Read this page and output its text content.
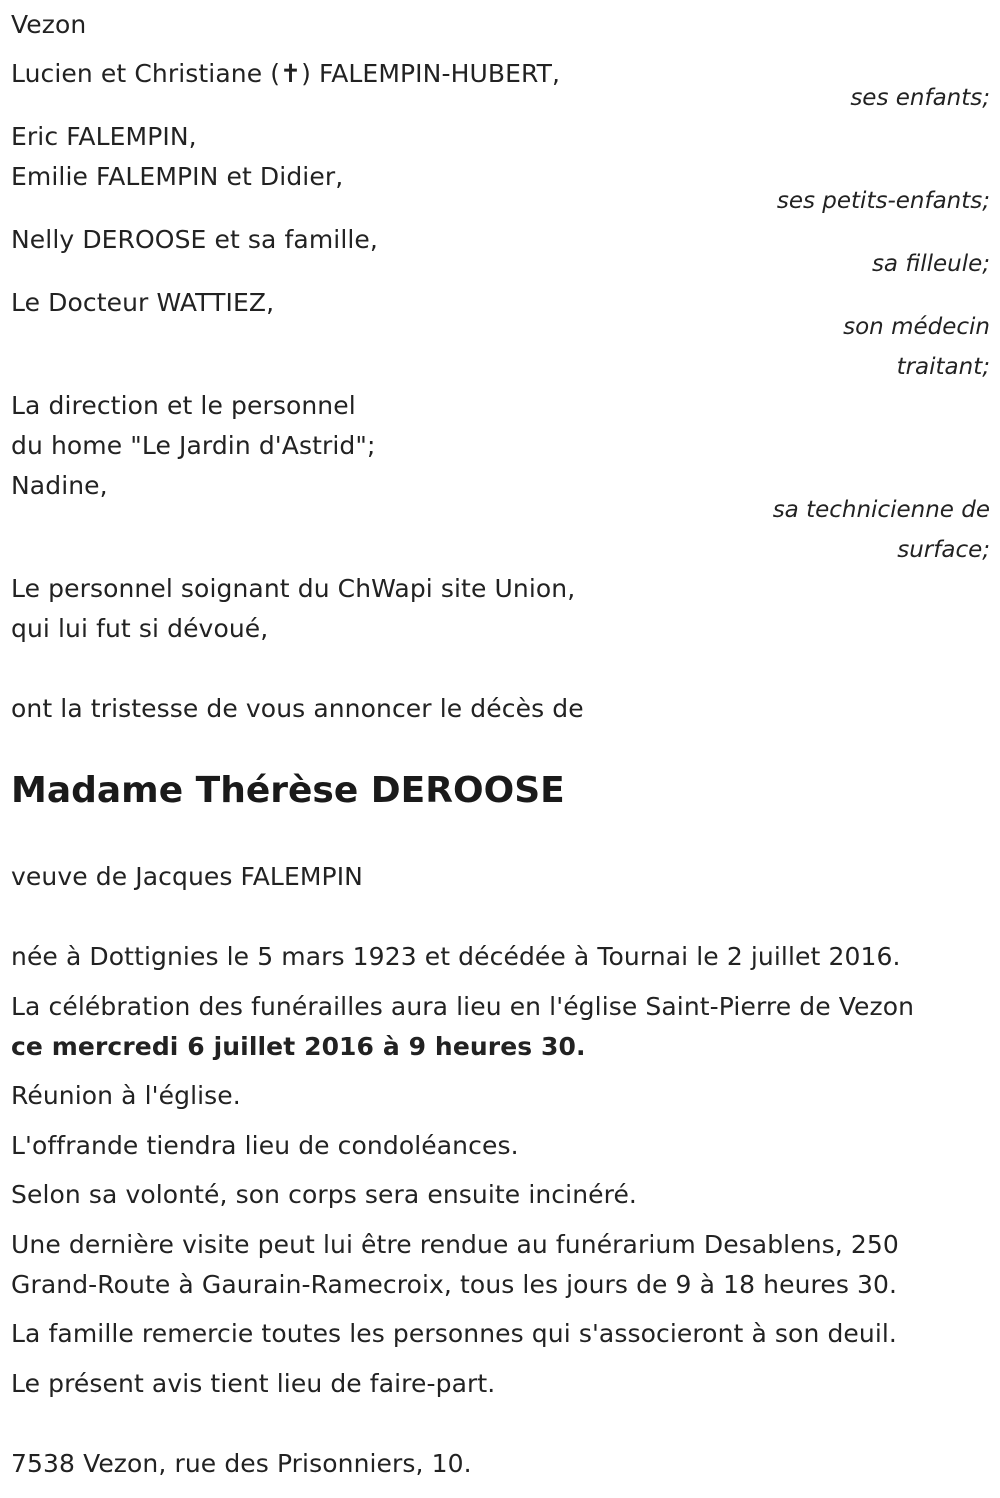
Vezon
Lucien et Christiane (✝) FALEMPIN-HUBERT,
ses enfants;
Eric FALEMPIN,
Emilie FALEMPIN et Didier,
ses petits-enfants;
Nelly DEROOSE et sa famille,
sa filleule;
Le Docteur WATTIEZ,
son médecin
traitant;
La direction et le personnel
du home "Le Jardin d'Astrid";
Nadine,
sa technicienne de
surface;
Le personnel soignant du ChWapi site Union,
qui lui fut si dévoué,
ont la tristesse de vous annoncer le décès de
Madame Thérèse DEROOSE
veuve de Jacques FALEMPIN
née à Dottignies le 5 mars 1923 et décédée à Tournai le 2 juillet 2016.
La célébration des funérailles aura lieu en l'église Saint-Pierre de Vezon
ce mercredi 6 juillet 2016 à 9 heures 30.
Réunion à l'église.
L'offrande tiendra lieu de condoléances.
Selon sa volonté, son corps sera ensuite incinéré.
Une dernière visite peut lui être rendue au funérarium Desablens, 250
Grand-Route à Gaurain-Ramecroix, tous les jours de 9 à 18 heures 30.
La famille remercie toutes les personnes qui s'associeront à son deuil.
Le présent avis tient lieu de faire-part.
7538 Vezon, rue des Prisonniers, 10.
